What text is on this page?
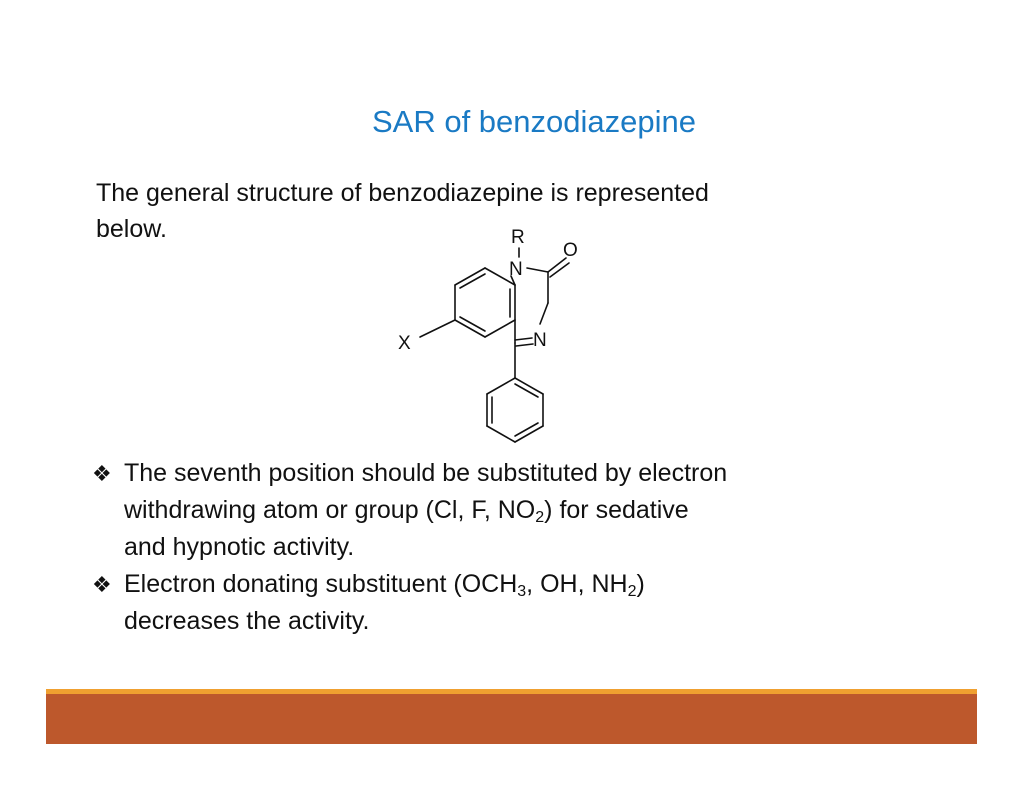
SAR of benzodiazepine
The general structure of benzodiazepine is represented
below.	R
N
O
N
X
❖ The seventh position should be substituted by electron
withdrawing atom or group (Cl, F, $NO_2$) for sedative
and hypnotic activity.
❖ Electron donating substituent ($OCH_3$, OH, $NH_2$)
decreases the activity.
